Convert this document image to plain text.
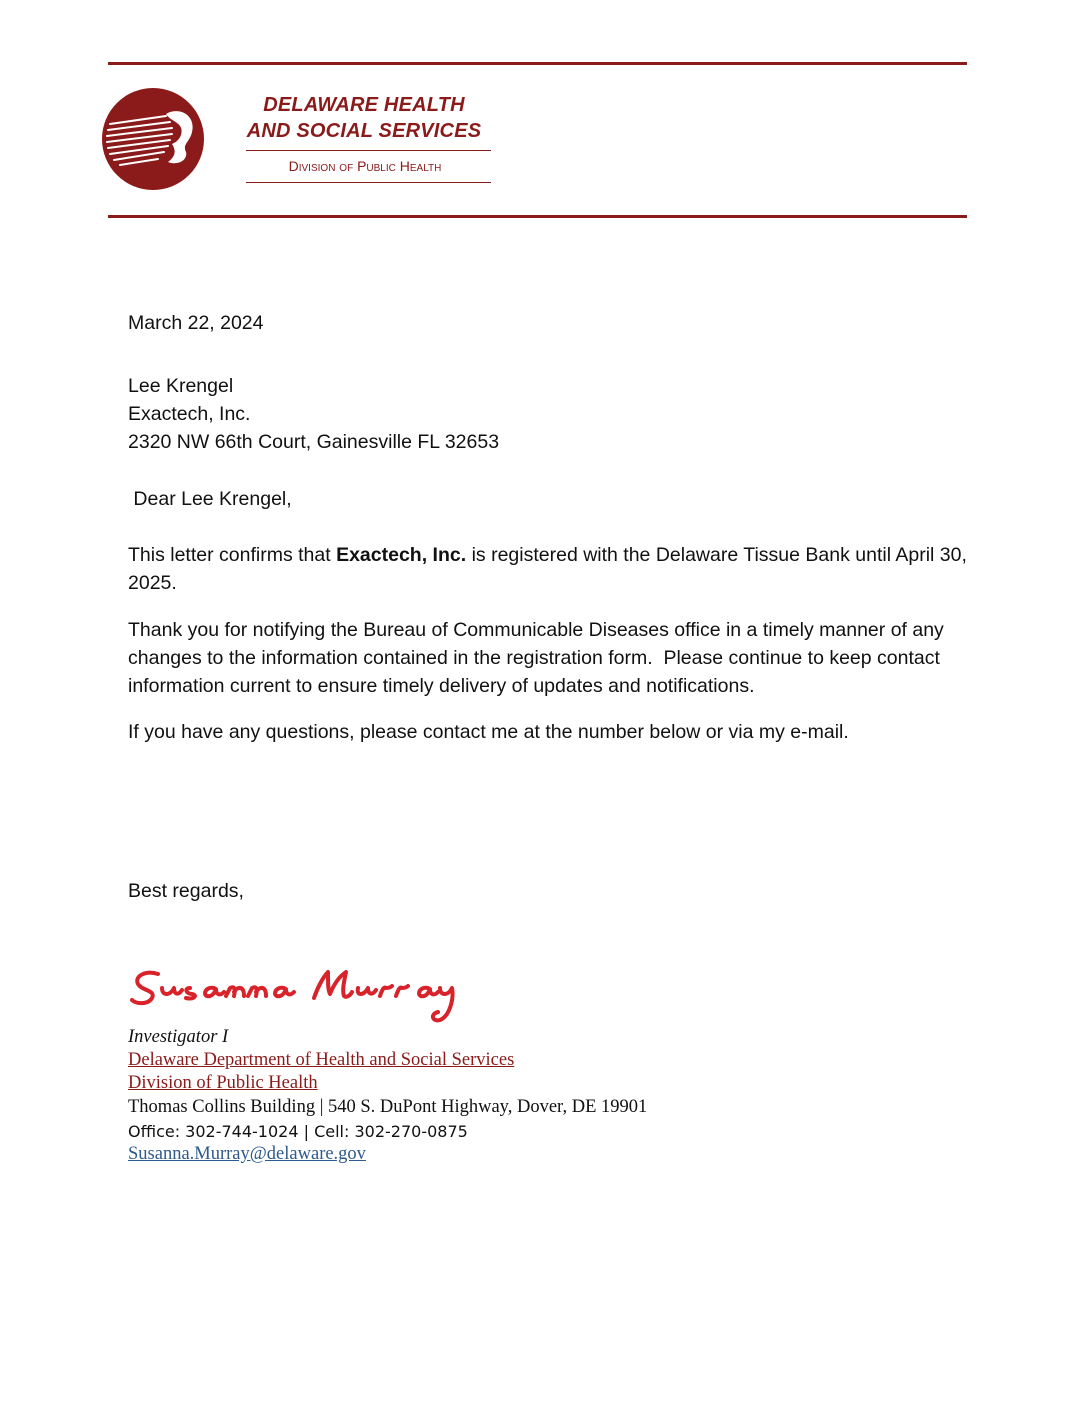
DELAWARE HEALTH
AND SOCIAL SERVICES
Division of Public Health
March 22, 2024
Lee Krengel
Exactech, Inc.
2320 NW 66th Court, Gainesville FL 32653
Dear Lee Krengel,
This letter confirms that Exactech, Inc. is registered with the Delaware Tissue Bank until April 30, 2025.
Thank you for notifying the Bureau of Communicable Diseases office in a timely manner of any changes to the information contained in the registration form.  Please continue to keep contact information current to ensure timely delivery of updates and notifications.
If you have any questions, please contact me at the number below or via my e-mail.
Best regards,
Investigator I
Delaware Department of Health and Social Services
Division of Public Health
Thomas Collins Building | 540 S. DuPont Highway, Dover, DE 19901
Office: 302-744-1024 | Cell: 302-270-0875
Susanna.Murray@delaware.gov
